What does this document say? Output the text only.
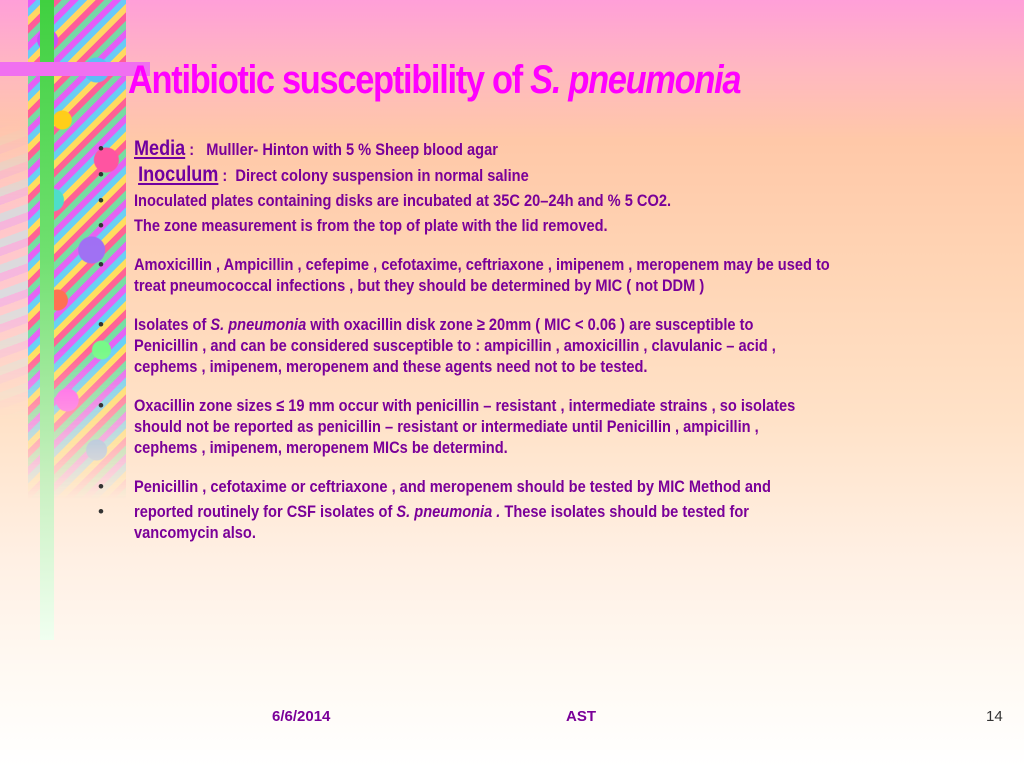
Antibiotic susceptibility of S. pneumonia
• Media :   Mulller- Hinton with 5 % Sheep blood agar
•  Inoculum :  Direct colony suspension in normal saline
• Inoculated plates containing disks are incubated at 35C 20–24h and % 5 CO2.
• The zone measurement is from the top of plate with the lid removed.
• Amoxicillin , Ampicillin , cefepime , cefotaxime, ceftriaxone , imipenem , meropenem may be used to
treat pneumococcal infections , but they should be determined by MIC ( not DDM )
• Isolates of S. pneumonia with oxacillin disk zone ≥ 20mm ( MIC < 0.06 ) are susceptible to
Penicillin , and can be considered susceptible to : ampicillin , amoxicillin , clavulanic – acid ,
cephems , imipenem, meropenem and these agents need not to be tested.
• Oxacillin zone sizes ≤ 19 mm occur with penicillin – resistant , intermediate strains , so isolates
should not be reported as penicillin – resistant or intermediate until Penicillin , ampicillin ,
cephems , imipenem, meropenem MICs be determind.
• Penicillin , cefotaxime or ceftriaxone , and meropenem should be tested by MIC Method and
• reported routinely for CSF isolates of S. pneumonia . These isolates should be tested for
vancomycin also.
6/6/2014	AST	14
